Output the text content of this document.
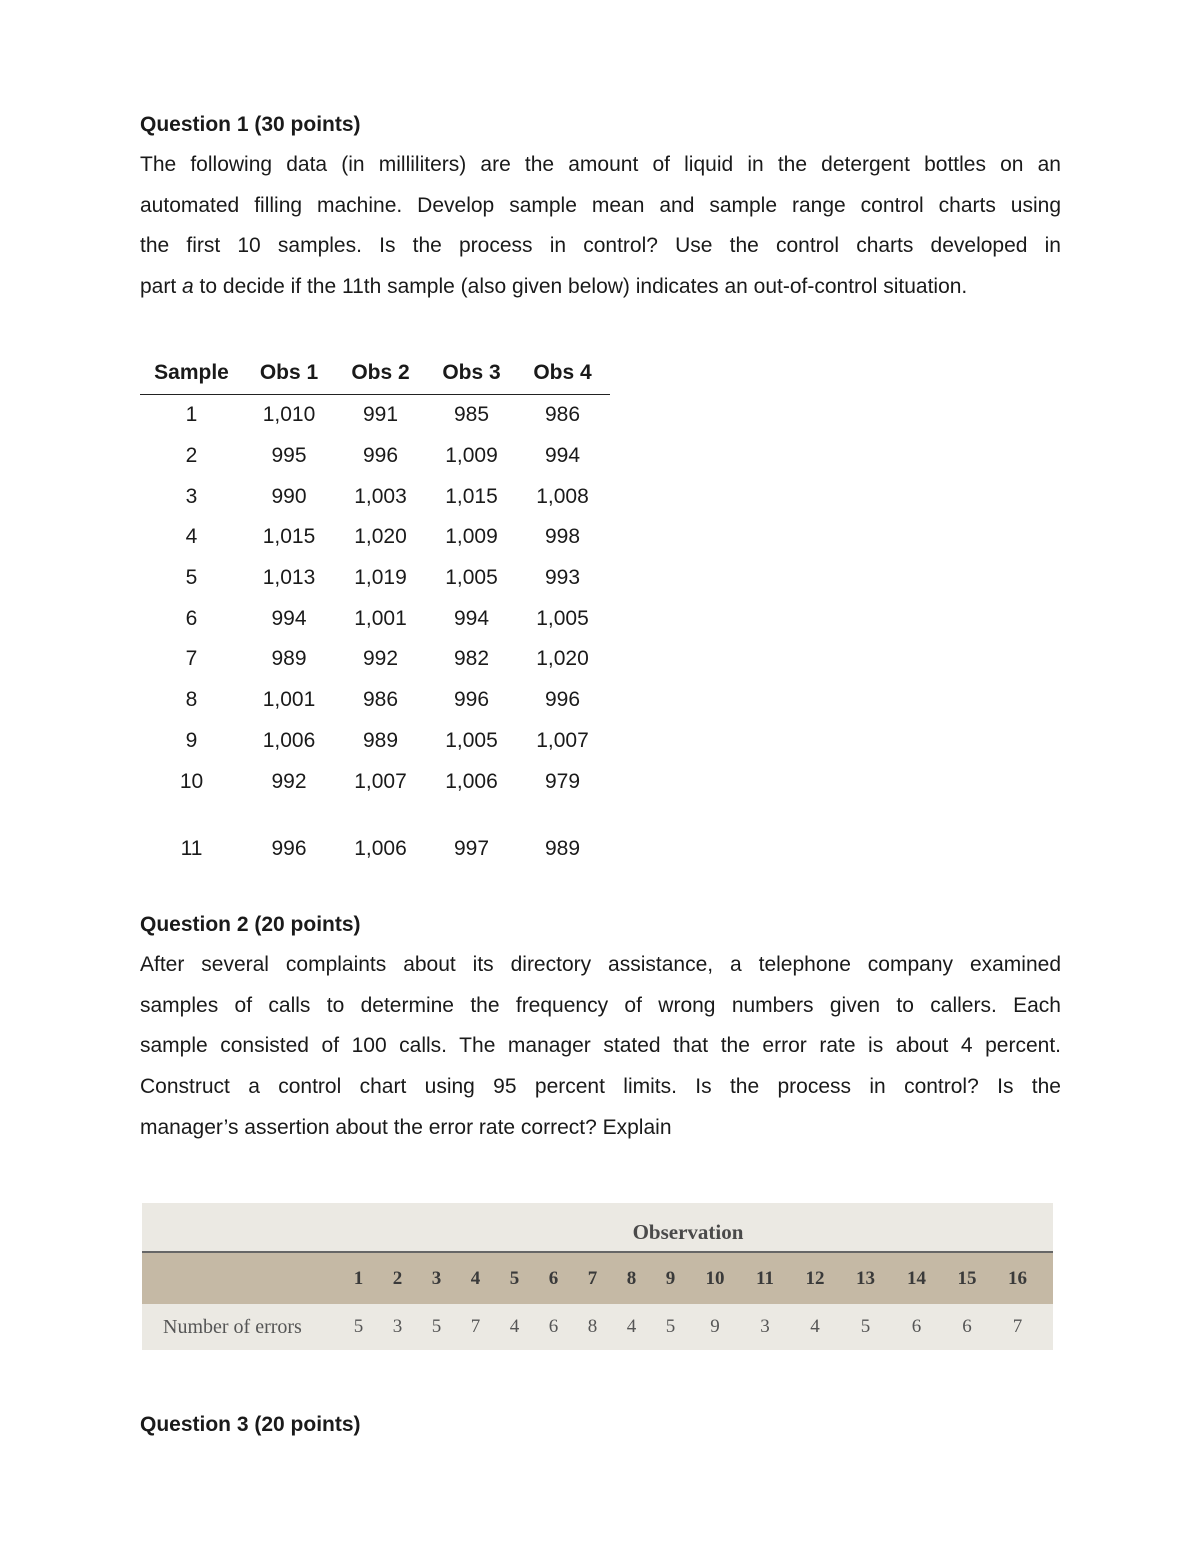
Question 1 (30 points)
The following data (in milliliters) are the amount of liquid in the detergent bottles on an
automated filling machine. Develop sample mean and sample range control charts using
the first 10 samples. Is the process in control? Use the control charts developed in
part a to decide if the 11th sample (also given below) indicates an out-of-control situation.
Sample	Obs 1	Obs 2	Obs 3	Obs 4
1	1,010	991	985	986
2	995	996	1,009	994
3	990	1,003	1,015	1,008
4	1,015	1,020	1,009	998
5	1,013	1,019	1,005	993
6	994	1,001	994	1,005
7	989	992	982	1,020
8	1,001	986	996	996
9	1,006	989	1,005	1,007
10	992	1,007	1,006	979
11	996	1,006	997	989
Question 2 (20 points)
After several complaints about its directory assistance, a telephone company examined
samples of calls to determine the frequency of wrong numbers given to callers. Each
sample consisted of 100 calls. The manager stated that the error rate is about 4 percent.
Construct a control chart using 95 percent limits. Is the process in control? Is the
manager’s assertion about the error rate correct? Explain
Observation
1	2	3	4	5	6	7	8	9	10	11	12	13	14	15	16
Number of errors	5	3	5	7	4	6	8	4	5	9	3	4	5	6	6	7
Question 3 (20 points)
